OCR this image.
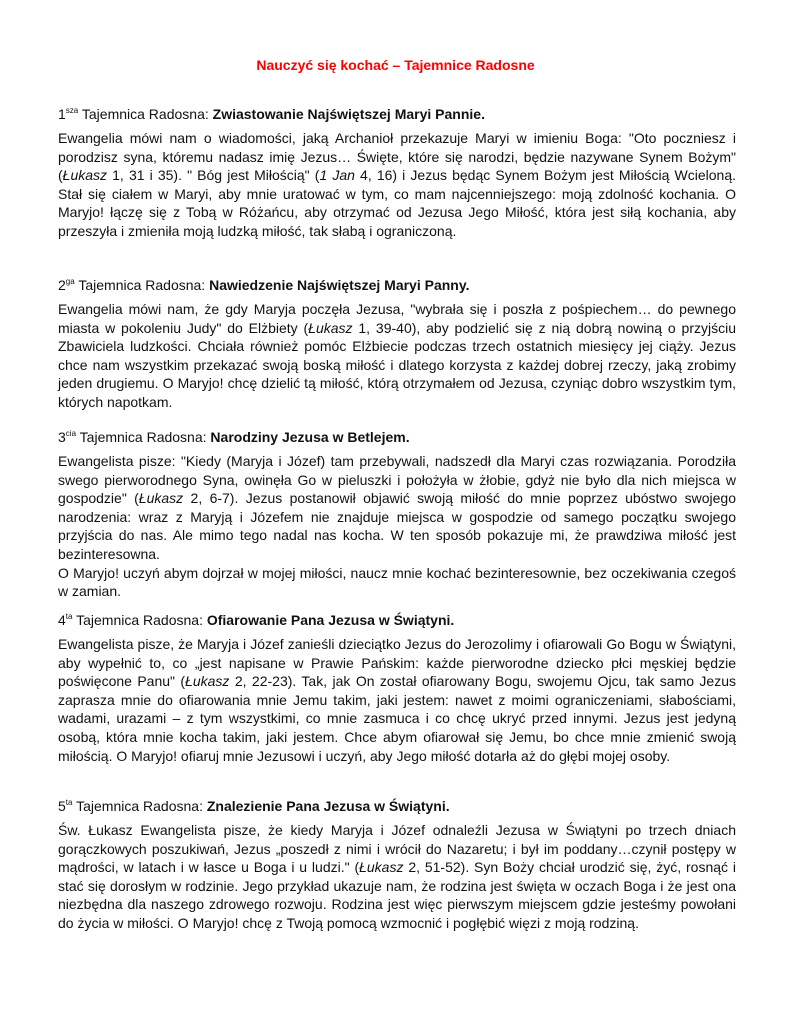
Nauczyć się kochać – Tajemnice Radosne
$1^{sza}$ Tajemnica Radosna: Zwiastowanie Najświętszej Maryi Pannie.

Ewangelia mówi nam o wiadomości, jaką Archanioł przekazuje Maryi w imieniu Boga: "Oto poczniesz i porodzisz syna, któremu nadasz imię Jezus… Święte, które się narodzi, będzie nazywane Synem Bożym" (Łukasz 1, 31 i 35). " Bóg jest Miłością" (1 Jan 4, 16) i Jezus będąc Synem Bożym jest Miłością Wcieloną. Stał się ciałem w Maryi, aby mnie uratować w tym, co mam najcenniejszego: moją zdolność kochania. O Maryjo! łączę się z Tobą w Różańcu, aby otrzymać od Jezusa Jego Miłość, która jest siłą kochania, aby przeszyła i zmieniła moją ludzką miłość, tak słabą i ograniczoną.

$2^{ga}$ Tajemnica Radosna: Nawiedzenie Najświętszej Maryi Panny.

Ewangelia mówi nam, że gdy Maryja poczęła Jezusa, "wybrała się i poszła z pośpiechem… do pewnego miasta w pokoleniu Judy" do Elżbiety (Łukasz 1, 39-40), aby podzielić się z nią dobrą nowiną o przyjściu Zbawiciela ludzkości. Chciała również pomóc Elżbiecie podczas trzech ostatnich miesięcy jej ciąży. Jezus chce nam wszystkim przekazać swoją boską miłość i dlatego korzysta z każdej dobrej rzeczy, jaką zrobimy jeden drugiemu. O Maryjo! chcę dzielić tą miłość, którą otrzymałem od Jezusa, czyniąc dobro wszystkim tym, których napotkam.

$3^{cia}$ Tajemnica Radosna: Narodziny Jezusa w Betlejem.

Ewangelista pisze: "Kiedy (Maryja i Józef) tam przebywali, nadszedł dla Maryi czas rozwiązania. Porodziła swego pierworodnego Syna, owinęła Go w pieluszki i położyła w żłobie, gdyż nie było dla nich miejsca w gospodzie" (Łukasz 2, 6-7). Jezus postanowił objawić swoją miłość do mnie poprzez ubóstwo swojego narodzenia: wraz z Maryją i Józefem nie znajduje miejsca w gospodzie od samego początku swojego przyjścia do nas. Ale mimo tego nadal nas kocha. W ten sposób pokazuje mi, że prawdziwa miłość jest bezinteresowna.

O Maryjo! uczyń abym dojrzał w mojej miłości, naucz mnie kochać bezinteresownie, bez oczekiwania czegoś w zamian.

$4^{ta}$ Tajemnica Radosna: Ofiarowanie Pana Jezusa w Świątyni.

Ewangelista pisze, że Maryja i Józef zanieśli dzieciątko Jezus do Jerozolimy i ofiarowali Go Bogu w Świątyni, aby wypełnić to, co „jest napisane w Prawie Pańskim: każde pierworodne dziecko płci męskiej będzie poświęcone Panu" (Łukasz 2, 22-23). Tak, jak On został ofiarowany Bogu, swojemu Ojcu, tak samo Jezus zaprasza mnie do ofiarowania mnie Jemu takim, jaki jestem: nawet z moimi ograniczeniami, słabościami, wadami, urazami – z tym wszystkimi, co mnie zasmuca i co chcę ukryć przed innymi. Jezus jest jedyną osobą, która mnie kocha takim, jaki jestem. Chce abym ofiarował się Jemu, bo chce mnie zmienić swoją miłością. O Maryjo! ofiaruj mnie Jezusowi i uczyń, aby Jego miłość dotarła aż do głębi mojej osoby.

$5^{ta}$ Tajemnica Radosna: Znalezienie Pana Jezusa w Świątyni.

Św. Łukasz Ewangelista pisze, że kiedy Maryja i Józef odnaleźli Jezusa w Świątyni po trzech dniach gorączkowych poszukiwań, Jezus „poszedł z nimi i wrócił do Nazaretu; i był im poddany…czynił postępy w mądrości, w latach i w łasce u Boga i u ludzi." (Łukasz 2, 51-52). Syn Boży chciał urodzić się, żyć, rosnąć i stać się dorosłym w rodzinie. Jego przykład ukazuje nam, że rodzina jest święta w oczach Boga i że jest ona niezbędna dla naszego zdrowego rozwoju. Rodzina jest więc pierwszym miejscem gdzie jesteśmy powołani do życia w miłości. O Maryjo! chcę z Twoją pomocą wzmocnić i pogłębić więzi z moją rodziną.
